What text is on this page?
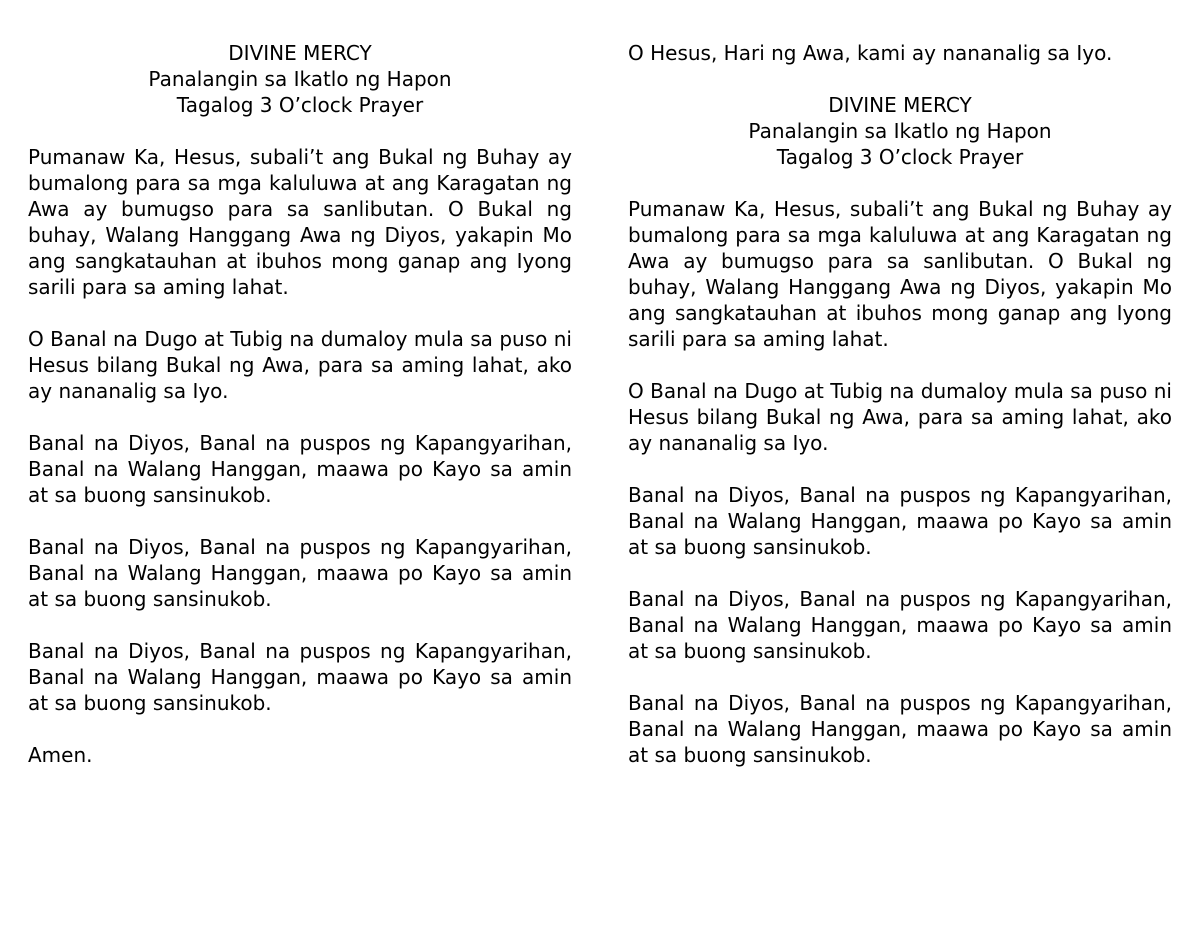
DIVINE MERCY
Panalangin sa Ikatlo ng Hapon
Tagalog 3 O’clock Prayer

Pumanaw Ka, Hesus, subali’t ang Bukal ng Buhay ay bumalong para sa mga kaluluwa at ang Karagatan ng Awa ay bumugso para sa sanlibutan. O Bukal ng buhay, Walang Hanggang Awa ng Diyos, yakapin Mo ang sangkatauhan at ibuhos mong ganap ang Iyong sarili para sa aming lahat.

O Banal na Dugo at Tubig na dumaloy mula sa puso ni Hesus bilang Bukal ng Awa, para sa aming lahat, ako ay nananalig sa Iyo.

Banal na Diyos, Banal na puspos ng Kapangyarihan, Banal na Walang Hanggan, maawa po Kayo sa amin at sa buong sansinukob.

Banal na Diyos, Banal na puspos ng Kapangyarihan, Banal na Walang Hanggan, maawa po Kayo sa amin at sa buong sansinukob.

Banal na Diyos, Banal na puspos ng Kapangyarihan, Banal na Walang Hanggan, maawa po Kayo sa amin at sa buong sansinukob.

Amen.

O Hesus, Hari ng Awa, kami ay nananalig sa Iyo.

DIVINE MERCY
Panalangin sa Ikatlo ng Hapon
Tagalog 3 O’clock Prayer

Pumanaw Ka, Hesus, subali’t ang Bukal ng Buhay ay bumalong para sa mga kaluluwa at ang Karagatan ng Awa ay bumugso para sa sanlibutan. O Bukal ng buhay, Walang Hanggang Awa ng Diyos, yakapin Mo ang sangkatauhan at ibuhos mong ganap ang Iyong sarili para sa aming lahat.

O Banal na Dugo at Tubig na dumaloy mula sa puso ni Hesus bilang Bukal ng Awa, para sa aming lahat, ako ay nananalig sa Iyo.

Banal na Diyos, Banal na puspos ng Kapangyarihan, Banal na Walang Hanggan, maawa po Kayo sa amin at sa buong sansinukob.

Banal na Diyos, Banal na puspos ng Kapangyarihan, Banal na Walang Hanggan, maawa po Kayo sa amin at sa buong sansinukob.

Banal na Diyos, Banal na puspos ng Kapangyarihan, Banal na Walang Hanggan, maawa po Kayo sa amin at sa buong sansinukob.
